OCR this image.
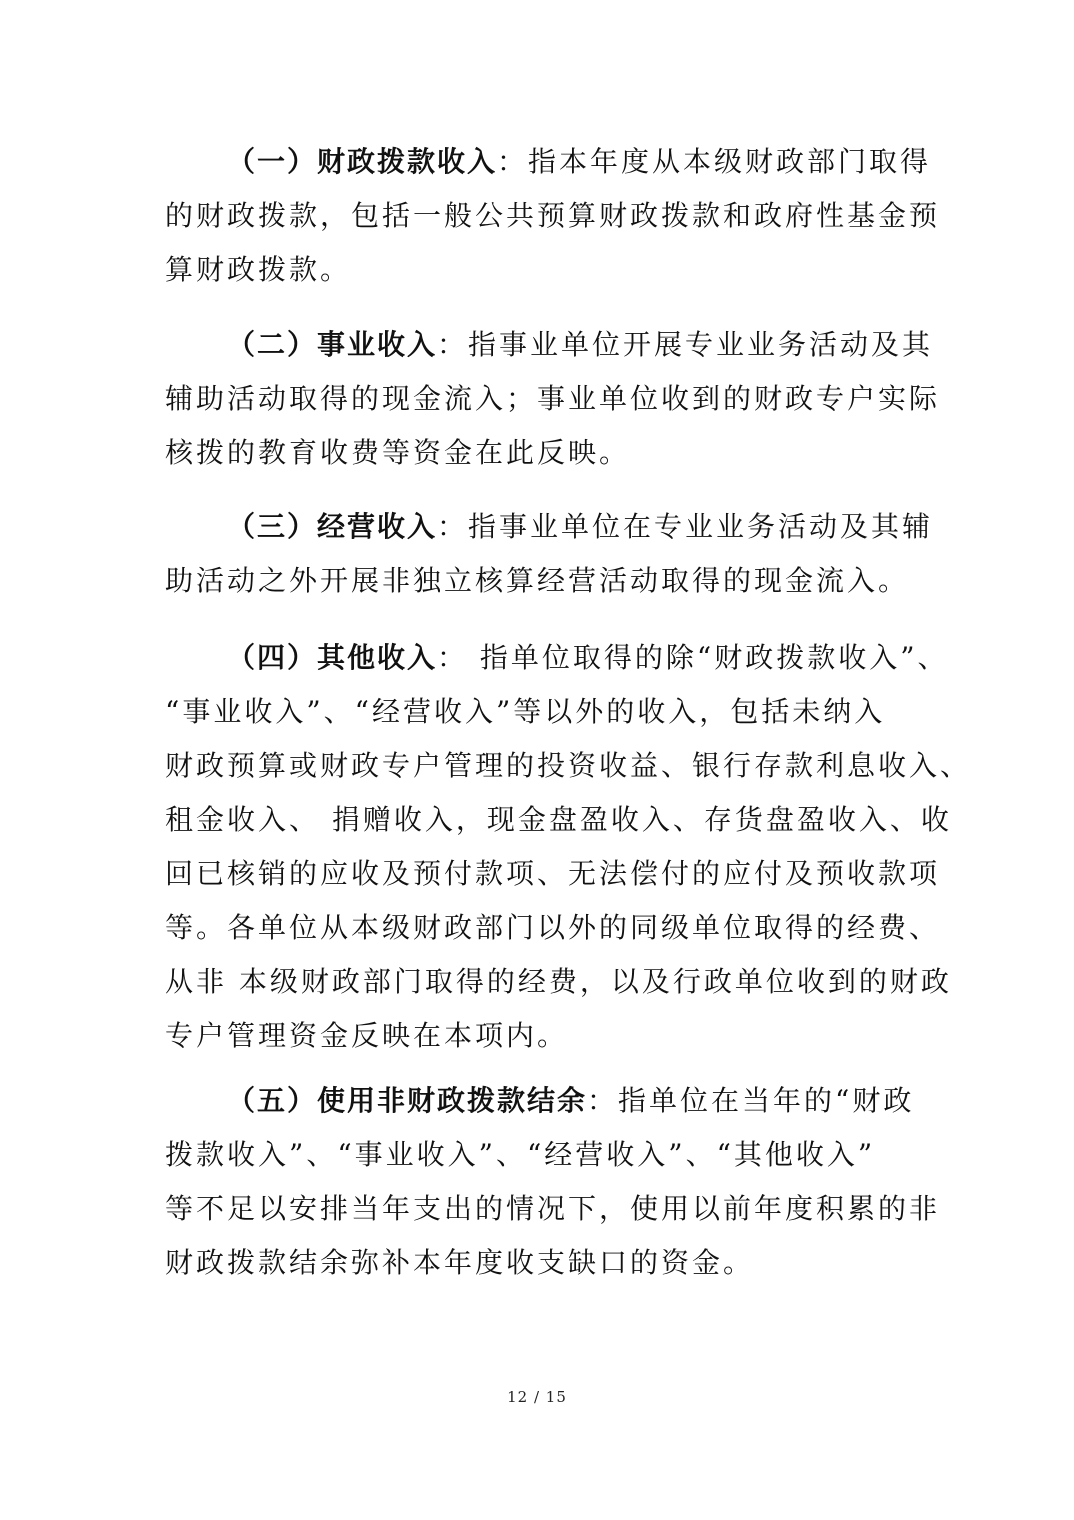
（一）财政拨款收入：指本年度从本级财政部门取得
的财政拨款，包括一般公共预算财政拨款和政府性基金预
算财政拨款。
（二）事业收入：指事业单位开展专业业务活动及其
辅助活动取得的现金流入；事业单位收到的财政专户实际
核拨的教育收费等资金在此反映。
（三）经营收入：指事业单位在专业业务活动及其辅
助活动之外开展非独立核算经营活动取得的现金流入。
（四）其他收入： 指单位取得的除“财政拨款收入”、
“事业收入”、“经营收入”等以外的收入，包括未纳入
财政预算或财政专户管理的投资收益、银行存款利息收入、
租金收入、 捐赠收入，现金盘盈收入、存货盘盈收入、收
回已核销的应收及预付款项、无法偿付的应付及预收款项
等。各单位从本级财政部门以外的同级单位取得的经费、
从非 本级财政部门取得的经费，以及行政单位收到的财政
专户管理资金反映在本项内。
（五）使用非财政拨款结余：指单位在当年的“财政
拨款收入”、“事业收入”、“经营收入”、“其他收入”
等不足以安排当年支出的情况下，使用以前年度积累的非
财政拨款结余弥补本年度收支缺口的资金。
12 / 15
